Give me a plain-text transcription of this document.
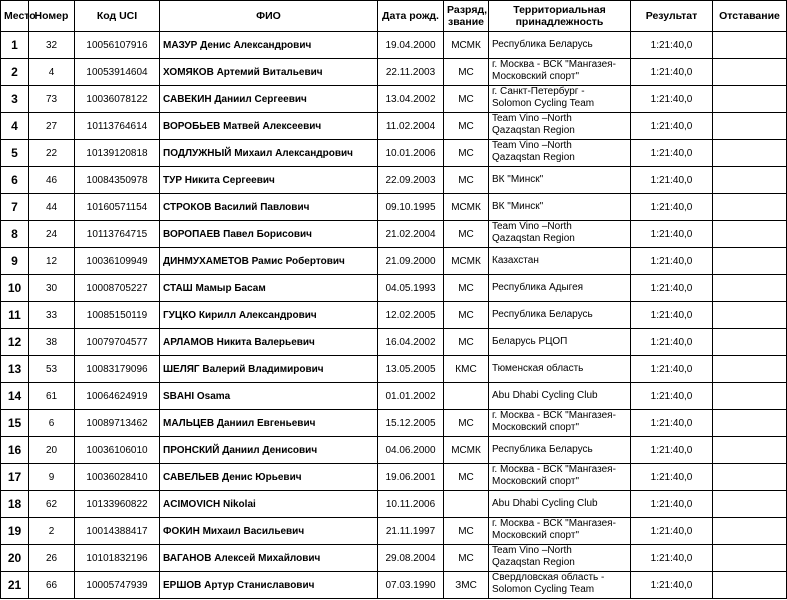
Место	Номер	Код UCI	ФИО	Дата рожд.	Разряд,
звание	Территориальная
принадлежность	Результат	Отставание
1	32	10056107916	МАЗУР Денис Александрович	19.04.2000	МСМК	Республика Беларусь	1:21:40,0	
2	4	10053914604	ХОМЯКОВ Артемий Витальевич	22.11.2003	МС	г. Москва - ВСК "Мангазея-
Московский спорт"	1:21:40,0	
3	73	10036078122	САВЕКИН Даниил Сергеевич	13.04.2002	МС	г. Санкт-Петербург -
Solomon Cycling Team	1:21:40,0	
4	27	10113764614	ВОРОБЬЕВ Матвей Алексеевич	11.02.2004	МС	Team Vino –North
Qazaqstan Region	1:21:40,0	
5	22	10139120818	ПОДЛУЖНЫЙ Михаил Александрович	10.01.2006	МС	Team Vino –North
Qazaqstan Region	1:21:40,0	
6	46	10084350978	ТУР Никита Сергеевич	22.09.2003	МС	ВК "Минск"	1:21:40,0	
7	44	10160571154	СТРОКОВ Василий Павлович	09.10.1995	МСМК	ВК "Минск"	1:21:40,0	
8	24	10113764715	ВОРОПАЕВ Павел Борисович	21.02.2004	МС	Team Vino –North
Qazaqstan Region	1:21:40,0	
9	12	10036109949	ДИНМУХАМЕТОВ Рамис Робертович	21.09.2000	МСМК	Казахстан	1:21:40,0	
10	30	10008705227	СТАШ Мамыр Басам	04.05.1993	МС	Республика Адыгея	1:21:40,0	
11	33	10085150119	ГУЦКО Кирилл Александрович	12.02.2005	МС	Республика Беларусь	1:21:40,0	
12	38	10079704577	АРЛАМОВ Никита Валерьевич	16.04.2002	МС	Беларусь РЦОП	1:21:40,0	
13	53	10083179096	ШЕЛЯГ Валерий Владимирович	13.05.2005	КМС	Тюменская область	1:21:40,0	
14	61	10064624919	SBAHI Osama	01.01.2002		Abu Dhabi Cycling Club	1:21:40,0	
15	6	10089713462	МАЛЬЦЕВ Даниил Евгеньевич	15.12.2005	МС	г. Москва - ВСК "Мангазея-
Московский спорт"	1:21:40,0	
16	20	10036106010	ПРОНСКИЙ Даниил Денисович	04.06.2000	МСМК	Республика Беларусь	1:21:40,0	
17	9	10036028410	САВЕЛЬЕВ Денис Юрьевич	19.06.2001	МС	г. Москва - ВСК "Мангазея-
Московский спорт"	1:21:40,0	
18	62	10133960822	ACIMOVICH Nikolai	10.11.2006		Abu Dhabi Cycling Club	1:21:40,0	
19	2	10014388417	ФОКИН Михаил Васильевич	21.11.1997	МС	г. Москва - ВСК "Мангазея-
Московский спорт"	1:21:40,0	
20	26	10101832196	ВАГАНОВ Алексей Михайлович	29.08.2004	МС	Team Vino –North
Qazaqstan Region	1:21:40,0	
21	66	10005747939	ЕРШОВ Артур Станиславович	07.03.1990	ЗМС	Свердловская область -
Solomon Cycling Team	1:21:40,0	
